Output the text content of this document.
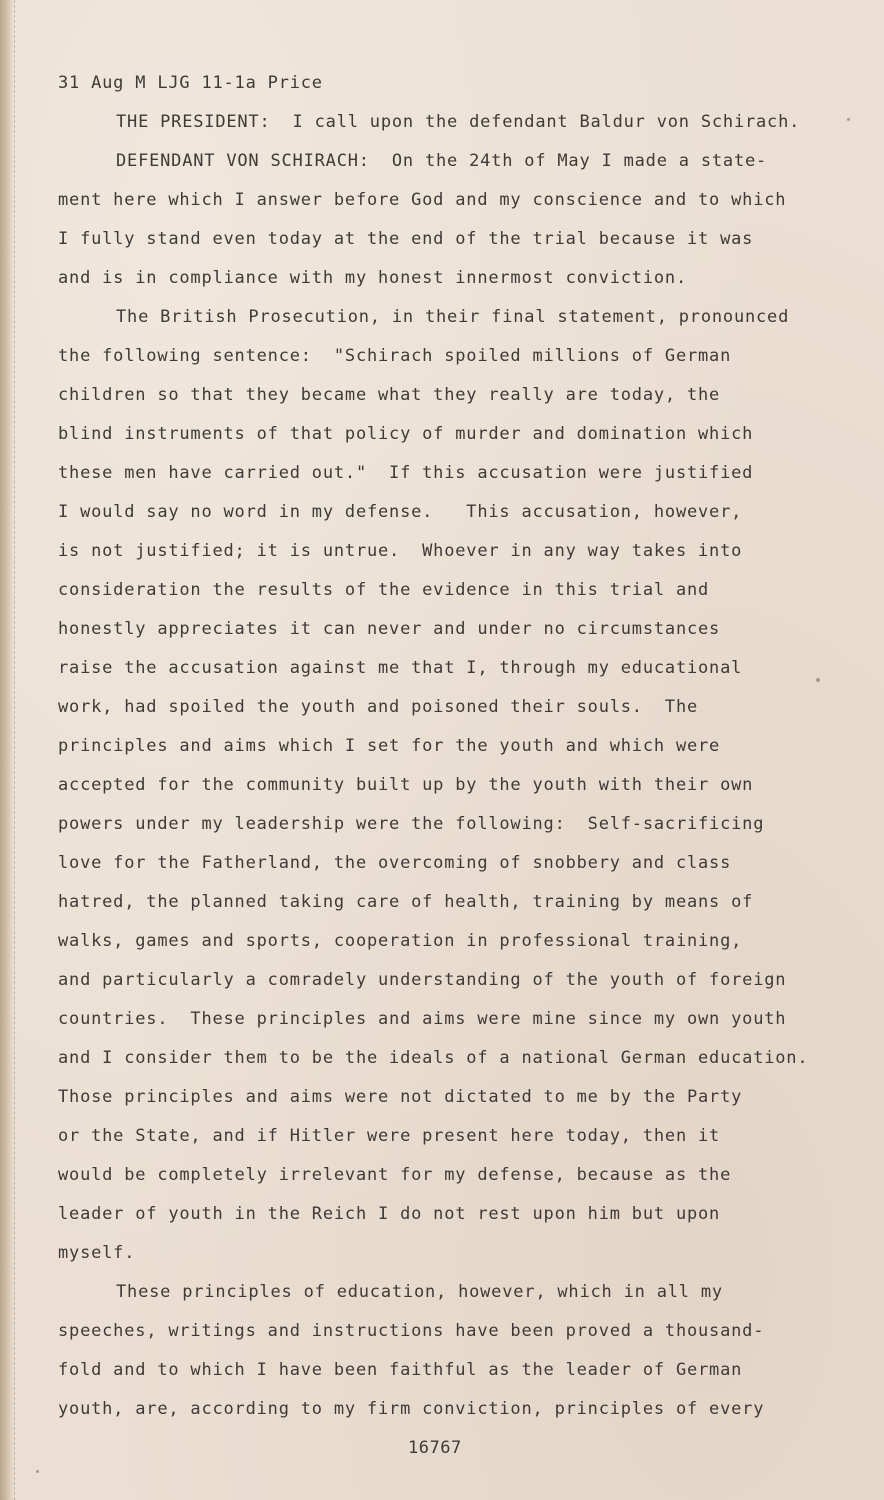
31 Aug M LJG 11-1a Price

THE PRESIDENT:  I call upon the defendant Baldur von Schirach.

DEFENDANT VON SCHIRACH:  On the 24th of May I made a state-

ment here which I answer before God and my conscience and to which

I fully stand even today at the end of the trial because it was

and is in compliance with my honest innermost conviction.

The British Prosecution, in their final statement, pronounced

the following sentence:  "Schirach spoiled millions of German

children so that they became what they really are today, the

blind instruments of that policy of murder and domination which

these men have carried out."  If this accusation were justified

I would say no word in my defense.   This accusation, however,

is not justified; it is untrue.  Whoever in any way takes into

consideration the results of the evidence in this trial and

honestly appreciates it can never and under no circumstances

raise the accusation against me that I, through my educational

work, had spoiled the youth and poisoned their souls.  The

principles and aims which I set for the youth and which were

accepted for the community built up by the youth with their own

powers under my leadership were the following:  Self-sacrificing

love for the Fatherland, the overcoming of snobbery and class

hatred, the planned taking care of health, training by means of

walks, games and sports, cooperation in professional training,

and particularly a comradely understanding of the youth of foreign

countries.  These principles and aims were mine since my own youth

and I consider them to be the ideals of a national German education.

Those principles and aims were not dictated to me by the Party

or the State, and if Hitler were present here today, then it

would be completely irrelevant for my defense, because as the

leader of youth in the Reich I do not rest upon him but upon

myself.

These principles of education, however, which in all my

speeches, writings and instructions have been proved a thousand-

fold and to which I have been faithful as the leader of German

youth, are, according to my firm conviction, principles of every

16767
